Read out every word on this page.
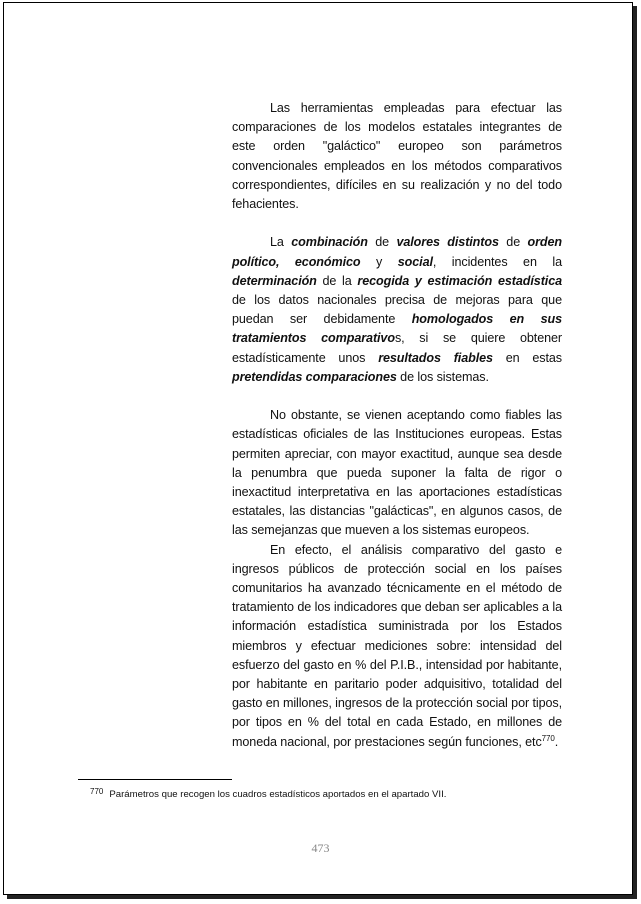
Las herramientas empleadas para efectuar las comparaciones de los modelos estatales integrantes de este orden "galáctico" europeo son parámetros convencionales empleados en los métodos comparativos correspondientes, difíciles en su realización y no del todo fehacientes.

La combinación de valores distintos de orden político, económico y social, incidentes en la determinación de la recogida y estimación estadística de los datos nacionales precisa de mejoras para que puedan ser debidamente homologados en sus tratamientos comparativos, si se quiere obtener estadísticamente unos resultados fiables en estas pretendidas comparaciones de los sistemas.

No obstante, se vienen aceptando como fiables las estadísticas oficiales de las Instituciones europeas. Estas permiten apreciar, con mayor exactitud, aunque sea desde la penumbra que pueda suponer la falta de rigor o inexactitud interpretativa en las aportaciones estadísticas estatales, las distancias "galácticas", en algunos casos, de las semejanzas que mueven a los sistemas europeos.

En efecto, el análisis comparativo del gasto e ingresos públicos de protección social en los países comunitarios ha avanzado técnicamente en el método de tratamiento de los indicadores que deban ser aplicables a la información estadística suministrada por los Estados miembros y efectuar mediciones sobre: intensidad del esfuerzo del gasto en % del P.I.B., intensidad por habitante, por habitante en paritario poder adquisitivo, totalidad del gasto en millones, ingresos de la protección social por tipos, por tipos en % del total en cada Estado, en millones de moneda nacional, por prestaciones según funciones, etc$^{770}$.

$^{770}$ Parámetros que recogen los cuadros estadísticos aportados en el apartado VII.
473
